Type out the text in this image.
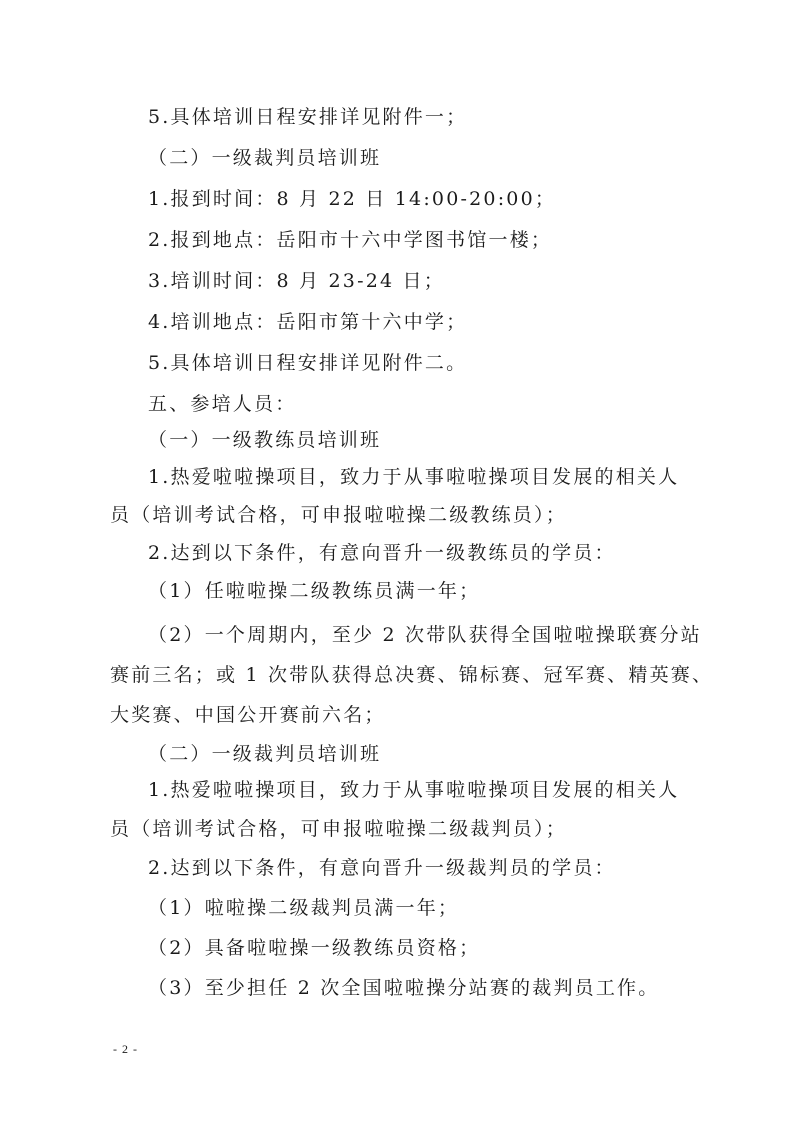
5.具体培训日程安排详见附件一；
（二）一级裁判员培训班
1.报到时间：8 月 22 日 14:00-20:00；
2.报到地点：岳阳市十六中学图书馆一楼；
3.培训时间：8 月 23-24 日；
4.培训地点：岳阳市第十六中学；
5.具体培训日程安排详见附件二。
五、参培人员：
（一）一级教练员培训班
1.热爱啦啦操项目，致力于从事啦啦操项目发展的相关人
员（培训考试合格，可申报啦啦操二级教练员）；
2.达到以下条件，有意向晋升一级教练员的学员：
（1）任啦啦操二级教练员满一年；
（2）一个周期内，至少 2 次带队获得全国啦啦操联赛分站
赛前三名；或 1 次带队获得总决赛、锦标赛、冠军赛、精英赛、
大奖赛、中国公开赛前六名；
（二）一级裁判员培训班
1.热爱啦啦操项目，致力于从事啦啦操项目发展的相关人
员（培训考试合格，可申报啦啦操二级裁判员）；
2.达到以下条件，有意向晋升一级裁判员的学员：
（1）啦啦操二级裁判员满一年；
（2）具备啦啦操一级教练员资格；
（3）至少担任 2 次全国啦啦操分站赛的裁判员工作。
- 2 -
